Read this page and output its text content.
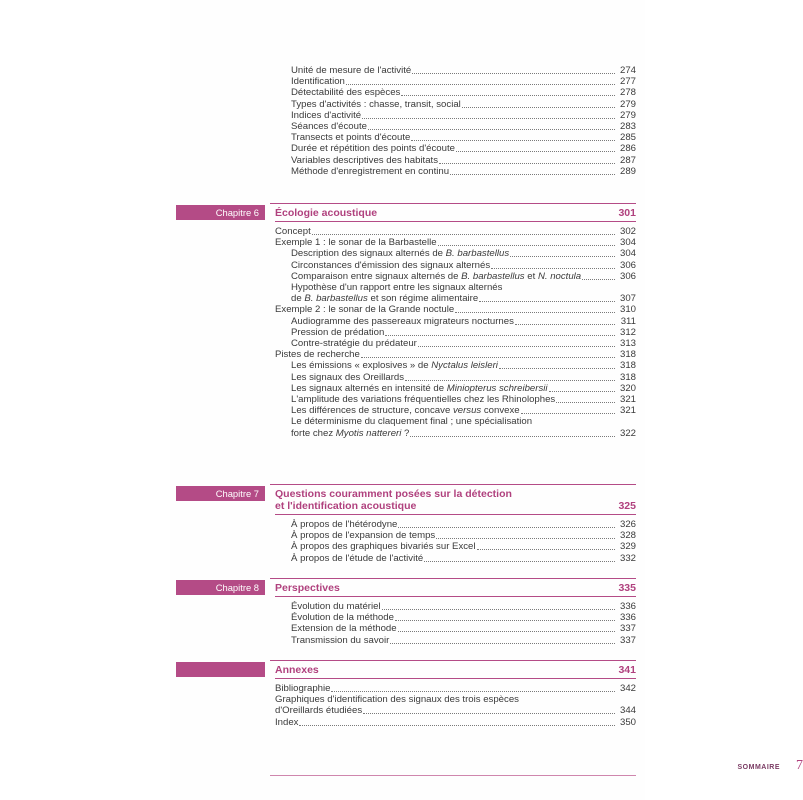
Unité de mesure de l'activité	274
Identification	277
Détectabilité des espèces	278
Types d'activités : chasse, transit, social	279
Indices d'activité	279
Séances d'écoute	283
Transects et points d'écoute	285
Durée et répétition des points d'écoute	286
Variables descriptives des habitats	287
Méthode d'enregistrement en continu	289
Chapitre 6	Écologie acoustique	301
Concept	302
Exemple 1 : le sonar de la Barbastelle	304
Description des signaux alternés de B. barbastellus	304
Circonstances d'émission des signaux alternés	306
Comparaison entre signaux alternés de B. barbastellus et N. noctula	306
Hypothèse d'un rapport entre les signaux alternés
de B. barbastellus et son régime alimentaire	307
Exemple 2 : le sonar de la Grande noctule	310
Audiogramme des passereaux migrateurs nocturnes	311
Pression de prédation	312
Contre-stratégie du prédateur	313
Pistes de recherche	318
Les émissions « explosives » de Nyctalus leisleri	318
Les signaux des Oreillards	318
Les signaux alternés en intensité de Miniopterus schreibersii	320
L'amplitude des variations fréquentielles chez les Rhinolophes	321
Les différences de structure, concave versus convexe	321
Le déterminisme du claquement final ; une spécialisation
forte chez Myotis nattereri ?	322
Chapitre 7	Questions couramment posées sur la détection
et l'identification acoustique	325
À propos de l'hétérodyne	326
À propos de l'expansion de temps	328
À propos des graphiques bivariés sur Excel	329
À propos de l'étude de l'activité	332
Chapitre 8	Perspectives	335
Évolution du matériel	336
Évolution de la méthode	336
Extension de la méthode	337
Transmission du savoir	337
Annexes	341
Bibliographie	342
Graphiques d'identification des signaux des trois espèces
d'Oreillards étudiées	344
Index	350
SOMMAIRE 7
